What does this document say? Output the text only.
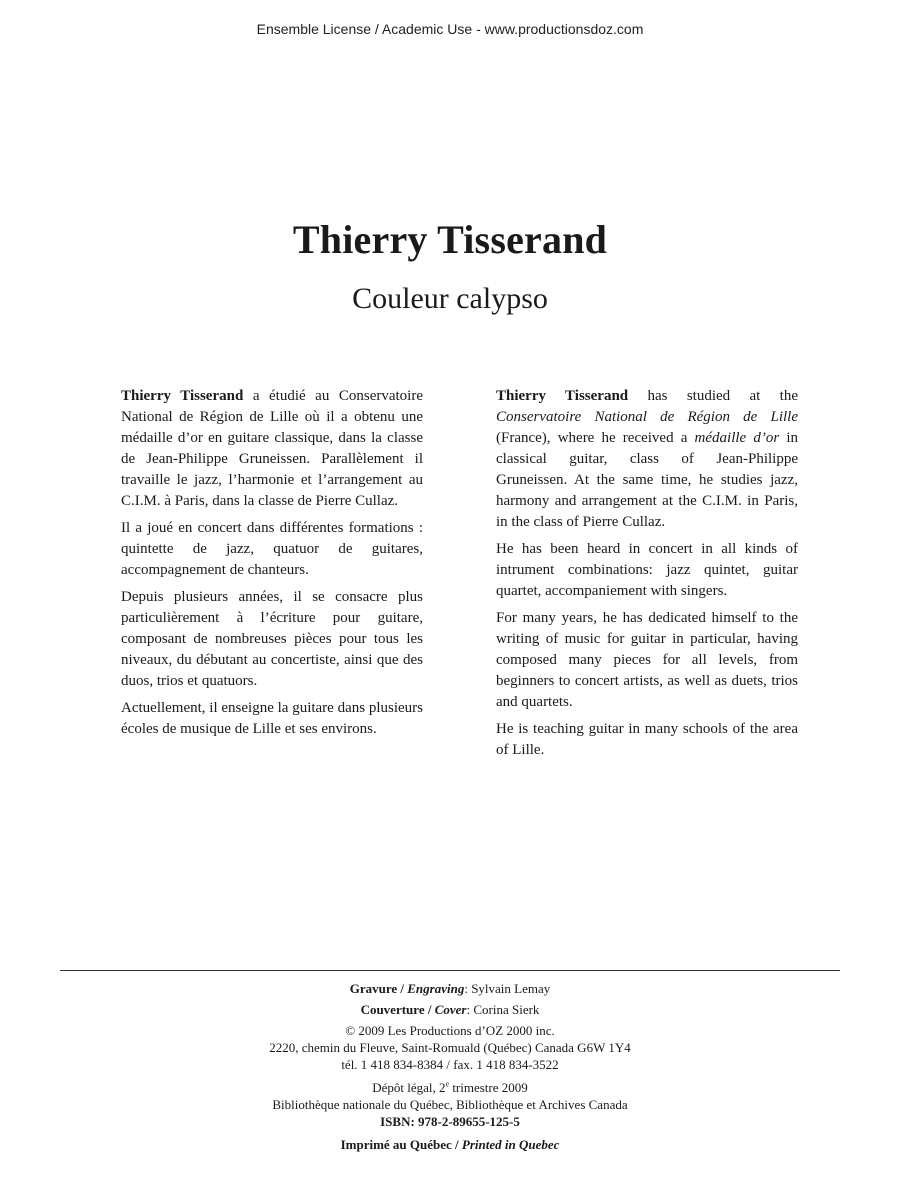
Ensemble License / Academic Use - www.productionsdoz.com
Thierry Tisserand
Couleur calypso

Thierry Tisserand a étudié au Conservatoire National de Région de Lille où il a obtenu une médaille d’or en guitare classique, dans la classe de Jean-Philippe Gruneissen. Parallèlement il travaille le jazz, l’harmonie et l’arrangement au C.I.M. à Paris, dans la classe de Pierre Cullaz.

Il a joué en concert dans différentes formations : quintette de jazz, quatuor de guitares, accompagnement de chanteurs.

Depuis plusieurs années, il se consacre plus particulièrement à l’écriture pour guitare, composant de nombreuses pièces pour tous les niveaux, du débutant au concertiste, ainsi que des duos, trios et quatuors.

Actuellement, il enseigne la guitare dans plusieurs écoles de musique de Lille et ses environs.

Thierry Tisserand has studied at the Conservatoire National de Région de Lille (France), where he received a médaille d’or in classical guitar, class of Jean-Philippe Gruneissen. At the same time, he studies jazz, harmony and arrangement at the C.I.M. in Paris, in the class of Pierre Cullaz.

He has been heard in concert in all kinds of intrument combinations: jazz quintet, guitar quartet, accompaniement with singers.

For many years, he has dedicated himself to the writing of music for guitar in particular, having composed many pieces for all levels, from beginners to concert artists, as well as duets, trios and quartets.

He is teaching guitar in many schools of the area of Lille.

Gravure / Engraving: Sylvain Lemay
Couverture / Cover: Corina Sierk
© 2009 Les Productions d’OZ 2000 inc.
2220, chemin du Fleuve, Saint-Romuald (Québec) Canada G6W 1Y4
tél. 1 418 834-8384 / fax. 1 418 834-3522
Dépôt légal, 2e trimestre 2009
Bibliothèque nationale du Québec, Bibliothèque et Archives Canada
ISBN: 978-2-89655-125-5
Imprimé au Québec / Printed in Quebec
